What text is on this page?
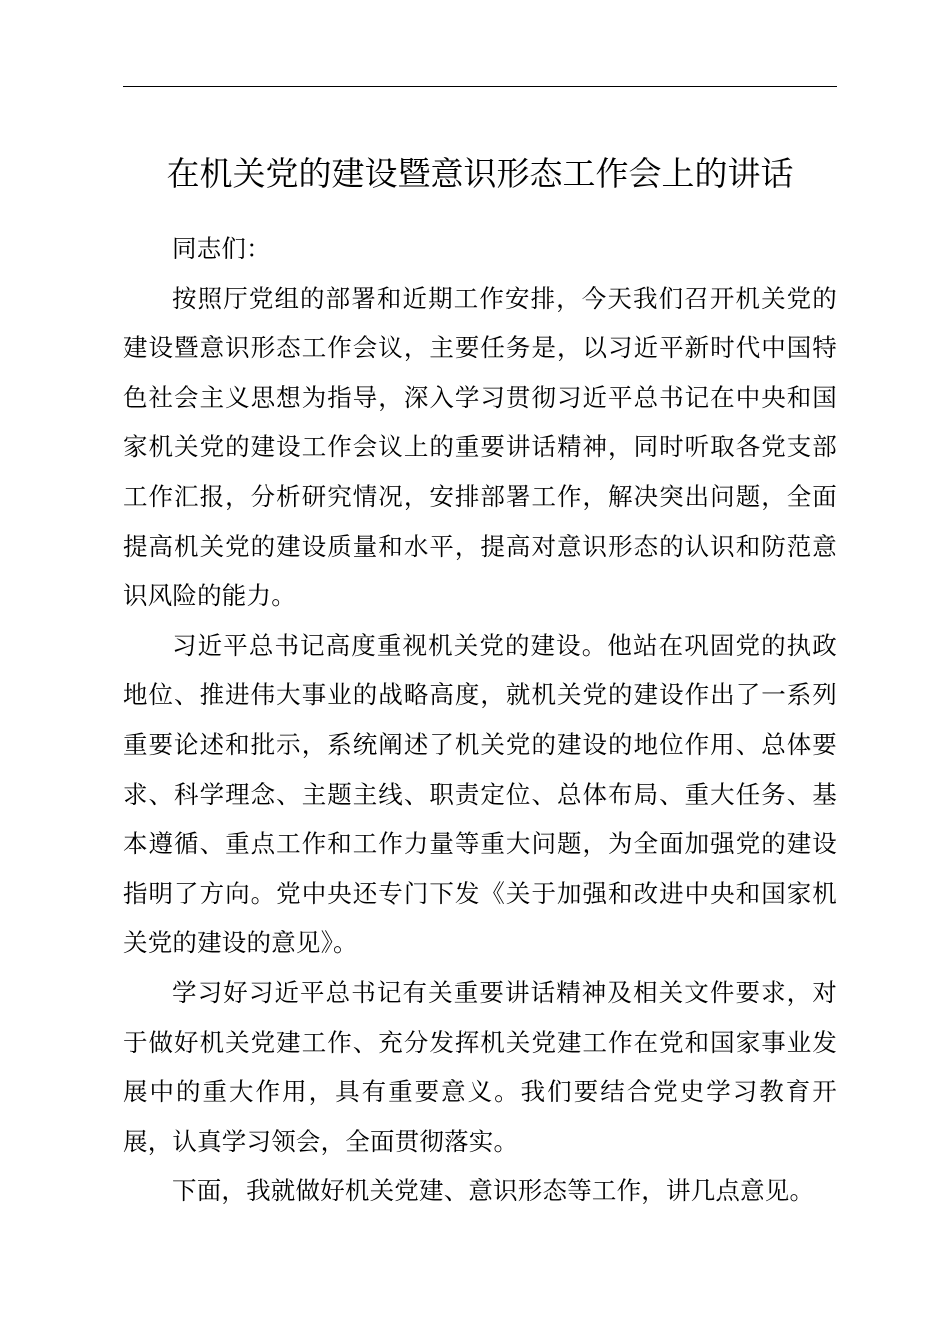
在机关党的建设暨意识形态工作会上的讲话

同志们：

按照厅党组的部署和近期工作安排，今天我们召开机关党的建设暨意识形态工作会议，主要任务是，以习近平新时代中国特色社会主义思想为指导，深入学习贯彻习近平总书记在中央和国家机关党的建设工作会议上的重要讲话精神，同时听取各党支部工作汇报，分析研究情况，安排部署工作，解决突出问题，全面提高机关党的建设质量和水平，提高对意识形态的认识和防范意识风险的能力。

习近平总书记高度重视机关党的建设。他站在巩固党的执政地位、推进伟大事业的战略高度，就机关党的建设作出了一系列重要论述和批示，系统阐述了机关党的建设的地位作用、总体要求、科学理念、主题主线、职责定位、总体布局、重大任务、基本遵循、重点工作和工作力量等重大问题，为全面加强党的建设指明了方向。党中央还专门下发《关于加强和改进中央和国家机关党的建设的意见》。

学习好习近平总书记有关重要讲话精神及相关文件要求，对于做好机关党建工作、充分发挥机关党建工作在党和国家事业发展中的重大作用，具有重要意义。我们要结合党史学习教育开展，认真学习领会，全面贯彻落实。

下面，我就做好机关党建、意识形态等工作，讲几点意见。
